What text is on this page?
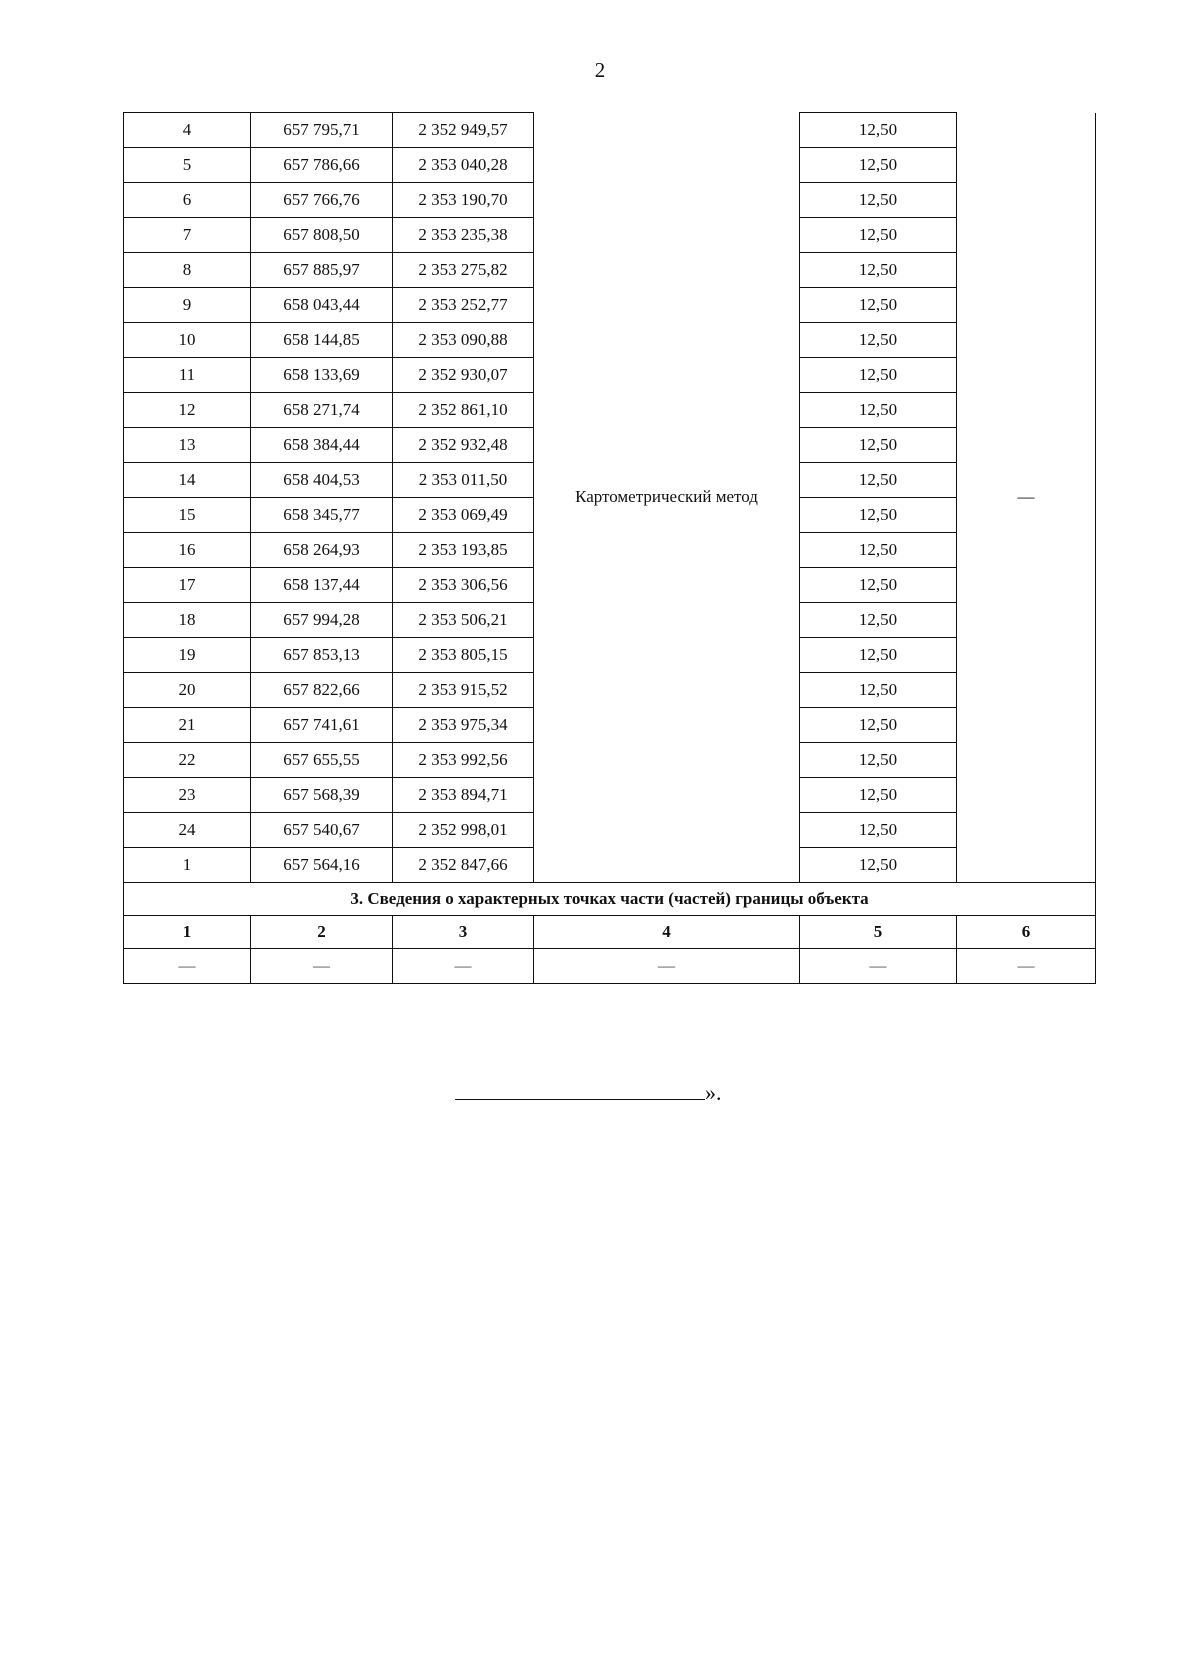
2
4	657 795,71	2 352 949,57	Картометрический метод	12,50	—
5	657 786,66	2 353 040,28		12,50	
6	657 766,76	2 353 190,70		12,50	
7	657 808,50	2 353 235,38		12,50	
8	657 885,97	2 353 275,82		12,50	
9	658 043,44	2 353 252,77		12,50	
10	658 144,85	2 353 090,88		12,50	
11	658 133,69	2 352 930,07		12,50	
12	658 271,74	2 352 861,10		12,50	
13	658 384,44	2 352 932,48		12,50	
14	658 404,53	2 353 011,50		12,50	
15	658 345,77	2 353 069,49		12,50	
16	658 264,93	2 353 193,85		12,50	
17	658 137,44	2 353 306,56		12,50	
18	657 994,28	2 353 506,21		12,50	
19	657 853,13	2 353 805,15		12,50	
20	657 822,66	2 353 915,52		12,50	
21	657 741,61	2 353 975,34		12,50	
22	657 655,55	2 353 992,56		12,50	
23	657 568,39	2 353 894,71		12,50	
24	657 540,67	2 352 998,01		12,50	
1	657 564,16	2 352 847,66		12,50	
3. Сведения о характерных точках части (частей) границы объекта					
1	2	3	4	5	6
—	—	—	—	—	—
».
